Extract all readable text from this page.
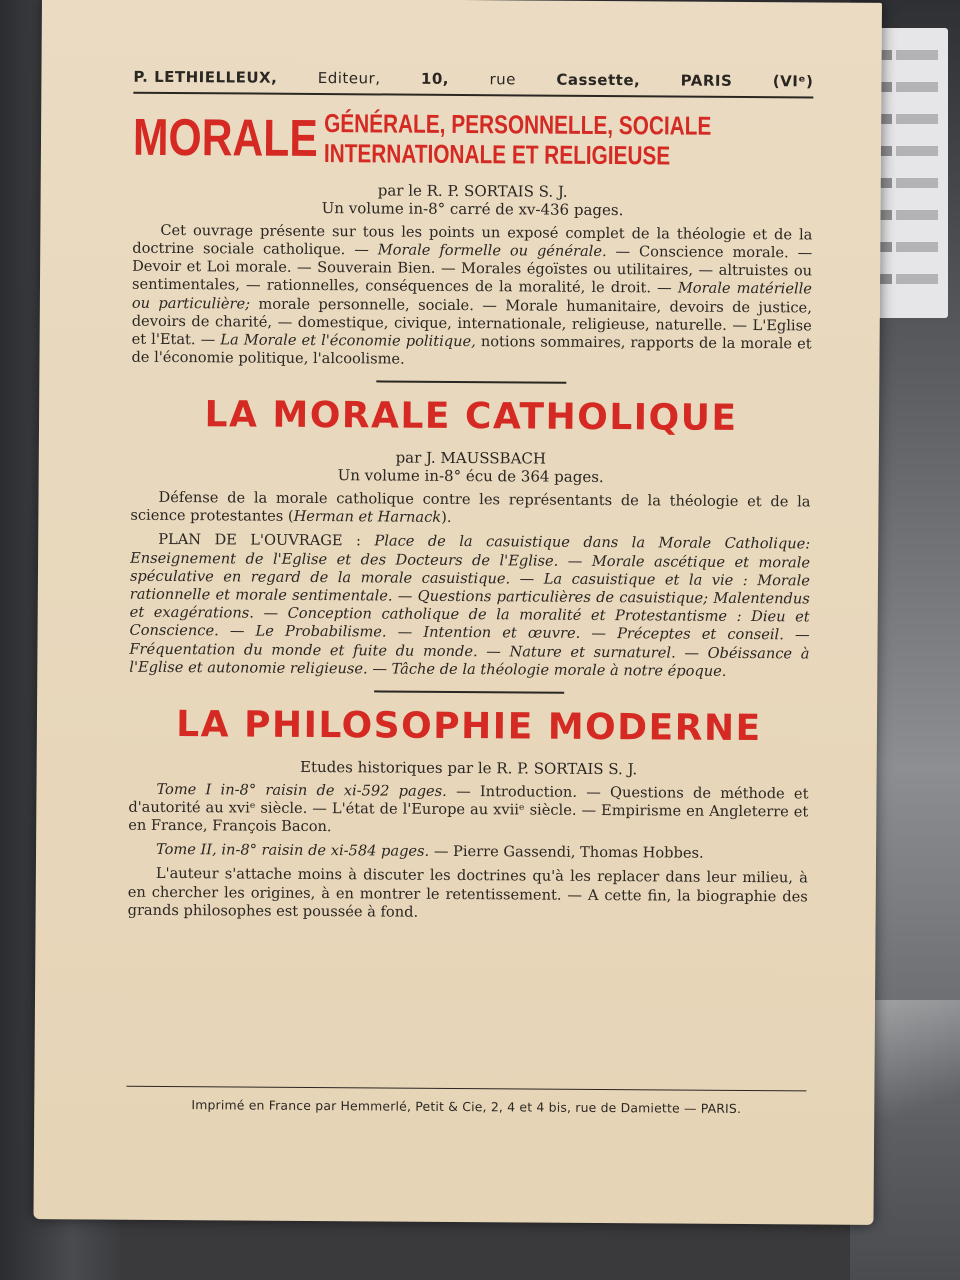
P. LETHIELLEUX,	Editeur,	10,	rue	Cassette,	PARIS	(VIᵉ)
MORALE GÉNÉRALE, PERSONNELLE, SOCIALE
INTERNATIONALE ET RELIGIEUSE
par le R. P. SORTAIS S. J.
Un volume in-8° carré de xv-436 pages.

Cet ouvrage présente sur tous les points un exposé complet de la théologie et de la doctrine sociale catholique. — Morale formelle ou générale. — Conscience morale. — Devoir et Loi morale. — Souverain Bien. — Morales égoïstes ou utilitaires, — altruistes ou sentimentales, — rationnelles, conséquences de la moralité, le droit. — Morale matérielle ou particulière; morale personnelle, sociale. — Morale humanitaire, devoirs de justice, devoirs de charité, — domestique, civique, internationale, religieuse, naturelle. — L'Eglise et l'Etat. — La Morale et l'économie politique, notions sommaires, rapports de la morale et de l'économie politique, l'alcoolisme.

LA MORALE CATHOLIQUE
par J. MAUSSBACH
Un volume in-8° écu de 364 pages.

Défense de la morale catholique contre les représentants de la théologie et de la science protestantes (Herman et Harnack).

PLAN DE L'OUVRAGE : Place de la casuistique dans la Morale Catholique: Enseignement de l'Eglise et des Docteurs de l'Eglise. — Morale ascétique et morale spéculative en regard de la morale casuistique. — La casuistique et la vie : Morale rationnelle et morale sentimentale. — Questions particulières de casuistique; Malentendus et exagérations. — Conception catholique de la moralité et Protestantisme : Dieu et Conscience. — Le Probabilisme. — Intention et œuvre. — Préceptes et conseil. — Fréquentation du monde et fuite du monde. — Nature et surnaturel. — Obéissance à l'Eglise et autonomie religieuse. — Tâche de la théologie morale à notre époque.

LA PHILOSOPHIE MODERNE
Etudes historiques par le R. P. SORTAIS S. J.

Tome I in-8° raisin de xi-592 pages. — Introduction. — Questions de méthode et d'autorité au xviᵉ siècle. — L'état de l'Europe au xviiᵉ siècle. — Empirisme en Angleterre et en France, François Bacon.

Tome II, in-8° raisin de xi-584 pages. — Pierre Gassendi, Thomas Hobbes.

L'auteur s'attache moins à discuter les doctrines qu'à les replacer dans leur milieu, à en chercher les origines, à en montrer le retentissement. — A cette fin, la biographie des grands philosophes est poussée à fond.

Imprimé en France par Hemmerlé, Petit & Cie, 2, 4 et 4 bis, rue de Damiette — PARIS.
